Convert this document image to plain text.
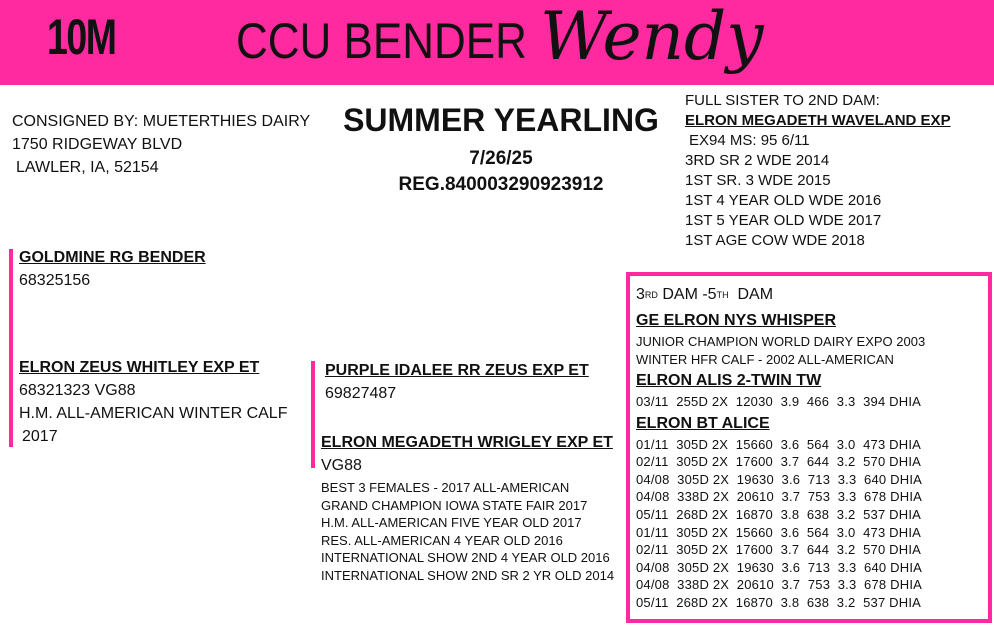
10M CCU BENDER Wendy
CONSIGNED BY: MUETERTHIES DAIRY
1750 RIDGEWAY BLVD
LAWLER, IA, 52154
SUMMER YEARLING
7/26/25
REG.840003290923912
FULL SISTER TO 2ND DAM:
ELRON MEGADETH WAVELAND EXP
EX94 MS: 95 6/11
3RD SR 2 WDE 2014
1ST SR. 3 WDE 2015
1ST 4 YEAR OLD WDE 2016
1ST 5 YEAR OLD WDE 2017
1ST AGE COW WDE 2018
GOLDMINE RG BENDER
68325156
ELRON ZEUS WHITLEY EXP ET
68321323 VG88
H.M. ALL-AMERICAN WINTER CALF
2017
PURPLE IDALEE RR ZEUS EXP ET
69827487
ELRON MEGADETH WRIGLEY EXP ET
VG88
BEST 3 FEMALES - 2017 ALL-AMERICAN
GRAND CHAMPION IOWA STATE FAIR 2017
H.M. ALL-AMERICAN FIVE YEAR OLD 2017
RES. ALL-AMERICAN 4 YEAR OLD 2016
INTERNATIONAL SHOW 2ND 4 YEAR OLD 2016
INTERNATIONAL SHOW 2ND SR 2 YR OLD 2014
3RD DAM -5TH  DAM
GE ELRON NYS WHISPER
JUNIOR CHAMPION WORLD DAIRY EXPO 2003
WINTER HFR CALF - 2002 ALL-AMERICAN
ELRON ALIS 2-TWIN TW
03/11  255D 2X  12030  3.9  466  3.3  394 DHIA
ELRON BT ALICE
01/11  305D 2X  15660  3.6  564  3.0  473 DHIA
02/11  305D 2X  17600  3.7  644  3.2  570 DHIA
04/08  305D 2X  19630  3.6  713  3.3  640 DHIA
04/08  338D 2X  20610  3.7  753  3.3  678 DHIA
05/11  268D 2X  16870  3.8  638  3.2  537 DHIA
01/11  305D 2X  15660  3.6  564  3.0  473 DHIA
02/11  305D 2X  17600  3.7  644  3.2  570 DHIA
04/08  305D 2X  19630  3.6  713  3.3  640 DHIA
04/08  338D 2X  20610  3.7  753  3.3  678 DHIA
05/11  268D 2X  16870  3.8  638  3.2  537 DHIA
